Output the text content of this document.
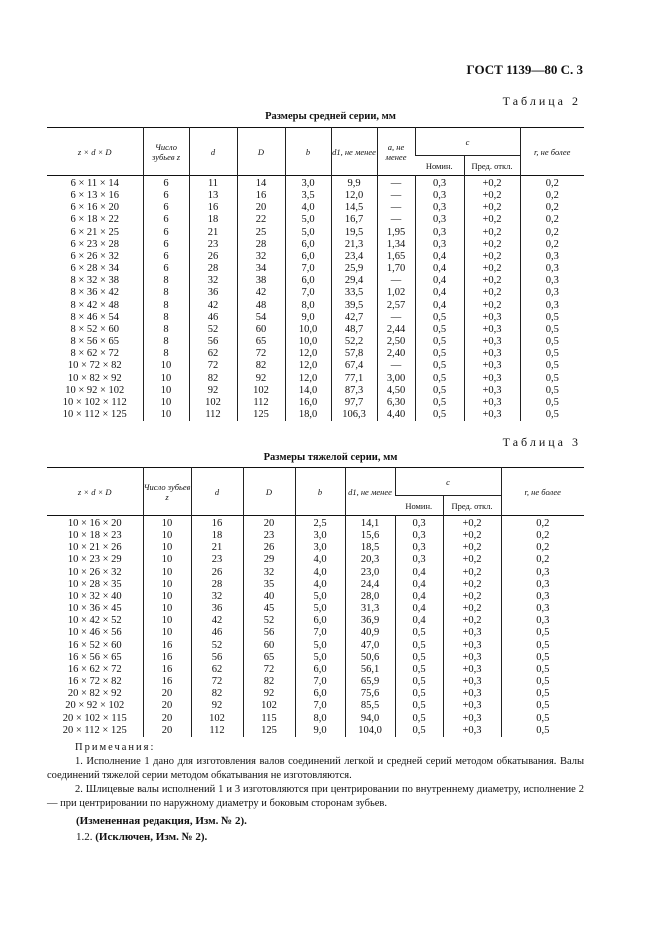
ГОСТ 1139—80 С. 3
Таблица 2
Размеры средней серии, мм
z × d × D	Число зубьев z	d	D	b	d1, не менее	a, не менее	c		r, не более
							Номин.	Пред. откл.	
6 × 11 × 14	6	11	14	3,0	9,9	—	0,3	+0,2	0,2
6 × 13 × 16	6	13	16	3,5	12,0	—	0,3	+0,2	0,2
6 × 16 × 20	6	16	20	4,0	14,5	—	0,3	+0,2	0,2
6 × 18 × 22	6	18	22	5,0	16,7	—	0,3	+0,2	0,2
6 × 21 × 25	6	21	25	5,0	19,5	1,95	0,3	+0,2	0,2
6 × 23 × 28	6	23	28	6,0	21,3	1,34	0,3	+0,2	0,2
6 × 26 × 32	6	26	32	6,0	23,4	1,65	0,4	+0,2	0,3
6 × 28 × 34	6	28	34	7,0	25,9	1,70	0,4	+0,2	0,3
8 × 32 × 38	8	32	38	6,0	29,4	—	0,4	+0,2	0,3
8 × 36 × 42	8	36	42	7,0	33,5	1,02	0,4	+0,2	0,3
8 × 42 × 48	8	42	48	8,0	39,5	2,57	0,4	+0,2	0,3
8 × 46 × 54	8	46	54	9,0	42,7	—	0,5	+0,3	0,5
8 × 52 × 60	8	52	60	10,0	48,7	2,44	0,5	+0,3	0,5
8 × 56 × 65	8	56	65	10,0	52,2	2,50	0,5	+0,3	0,5
8 × 62 × 72	8	62	72	12,0	57,8	2,40	0,5	+0,3	0,5
10 × 72 × 82	10	72	82	12,0	67,4	—	0,5	+0,3	0,5
10 × 82 × 92	10	82	92	12,0	77,1	3,00	0,5	+0,3	0,5
10 × 92 × 102	10	92	102	14,0	87,3	4,50	0,5	+0,3	0,5
10 × 102 × 112	10	102	112	16,0	97,7	6,30	0,5	+0,3	0,5
10 × 112 × 125	10	112	125	18,0	106,3	4,40	0,5	+0,3	0,5
Таблица 3
Размеры тяжелой серии, мм
z × d × D	Число зубьев z	d	D	b	d1, не менее	c		r, не более
						Номин.	Пред. откл.	
10 × 16 × 20	10	16	20	2,5	14,1	0,3	+0,2	0,2
10 × 18 × 23	10	18	23	3,0	15,6	0,3	+0,2	0,2
10 × 21 × 26	10	21	26	3,0	18,5	0,3	+0,2	0,2
10 × 23 × 29	10	23	29	4,0	20,3	0,3	+0,2	0,2
10 × 26 × 32	10	26	32	4,0	23,0	0,4	+0,2	0,3
10 × 28 × 35	10	28	35	4,0	24,4	0,4	+0,2	0,3
10 × 32 × 40	10	32	40	5,0	28,0	0,4	+0,2	0,3
10 × 36 × 45	10	36	45	5,0	31,3	0,4	+0,2	0,3
10 × 42 × 52	10	42	52	6,0	36,9	0,4	+0,2	0,3
10 × 46 × 56	10	46	56	7,0	40,9	0,5	+0,3	0,5
16 × 52 × 60	16	52	60	5,0	47,0	0,5	+0,3	0,5
16 × 56 × 65	16	56	65	5,0	50,6	0,5	+0,3	0,5
16 × 62 × 72	16	62	72	6,0	56,1	0,5	+0,3	0,5
16 × 72 × 82	16	72	82	7,0	65,9	0,5	+0,3	0,5
20 × 82 × 92	20	82	92	6,0	75,6	0,5	+0,3	0,5
20 × 92 × 102	20	92	102	7,0	85,5	0,5	+0,3	0,5
20 × 102 × 115	20	102	115	8,0	94,0	0,5	+0,3	0,5
20 × 112 × 125	20	112	125	9,0	104,0	0,5	+0,3	0,5

Примечания:

1. Исполнение 1 дано для изготовления валов соединений легкой и средней серий методом обкатывания. Валы соединений тяжелой серии методом обкатывания не изготовляются.

2. Шлицевые валы исполнений 1 и 3 изготовляются при центрировании по внутреннему диаметру, исполнение 2 — при центрировании по наружному диаметру и боковым сторонам зубьев.

(Измененная редакция, Изм. № 2).
1.2. (Исключен, Изм. № 2).
